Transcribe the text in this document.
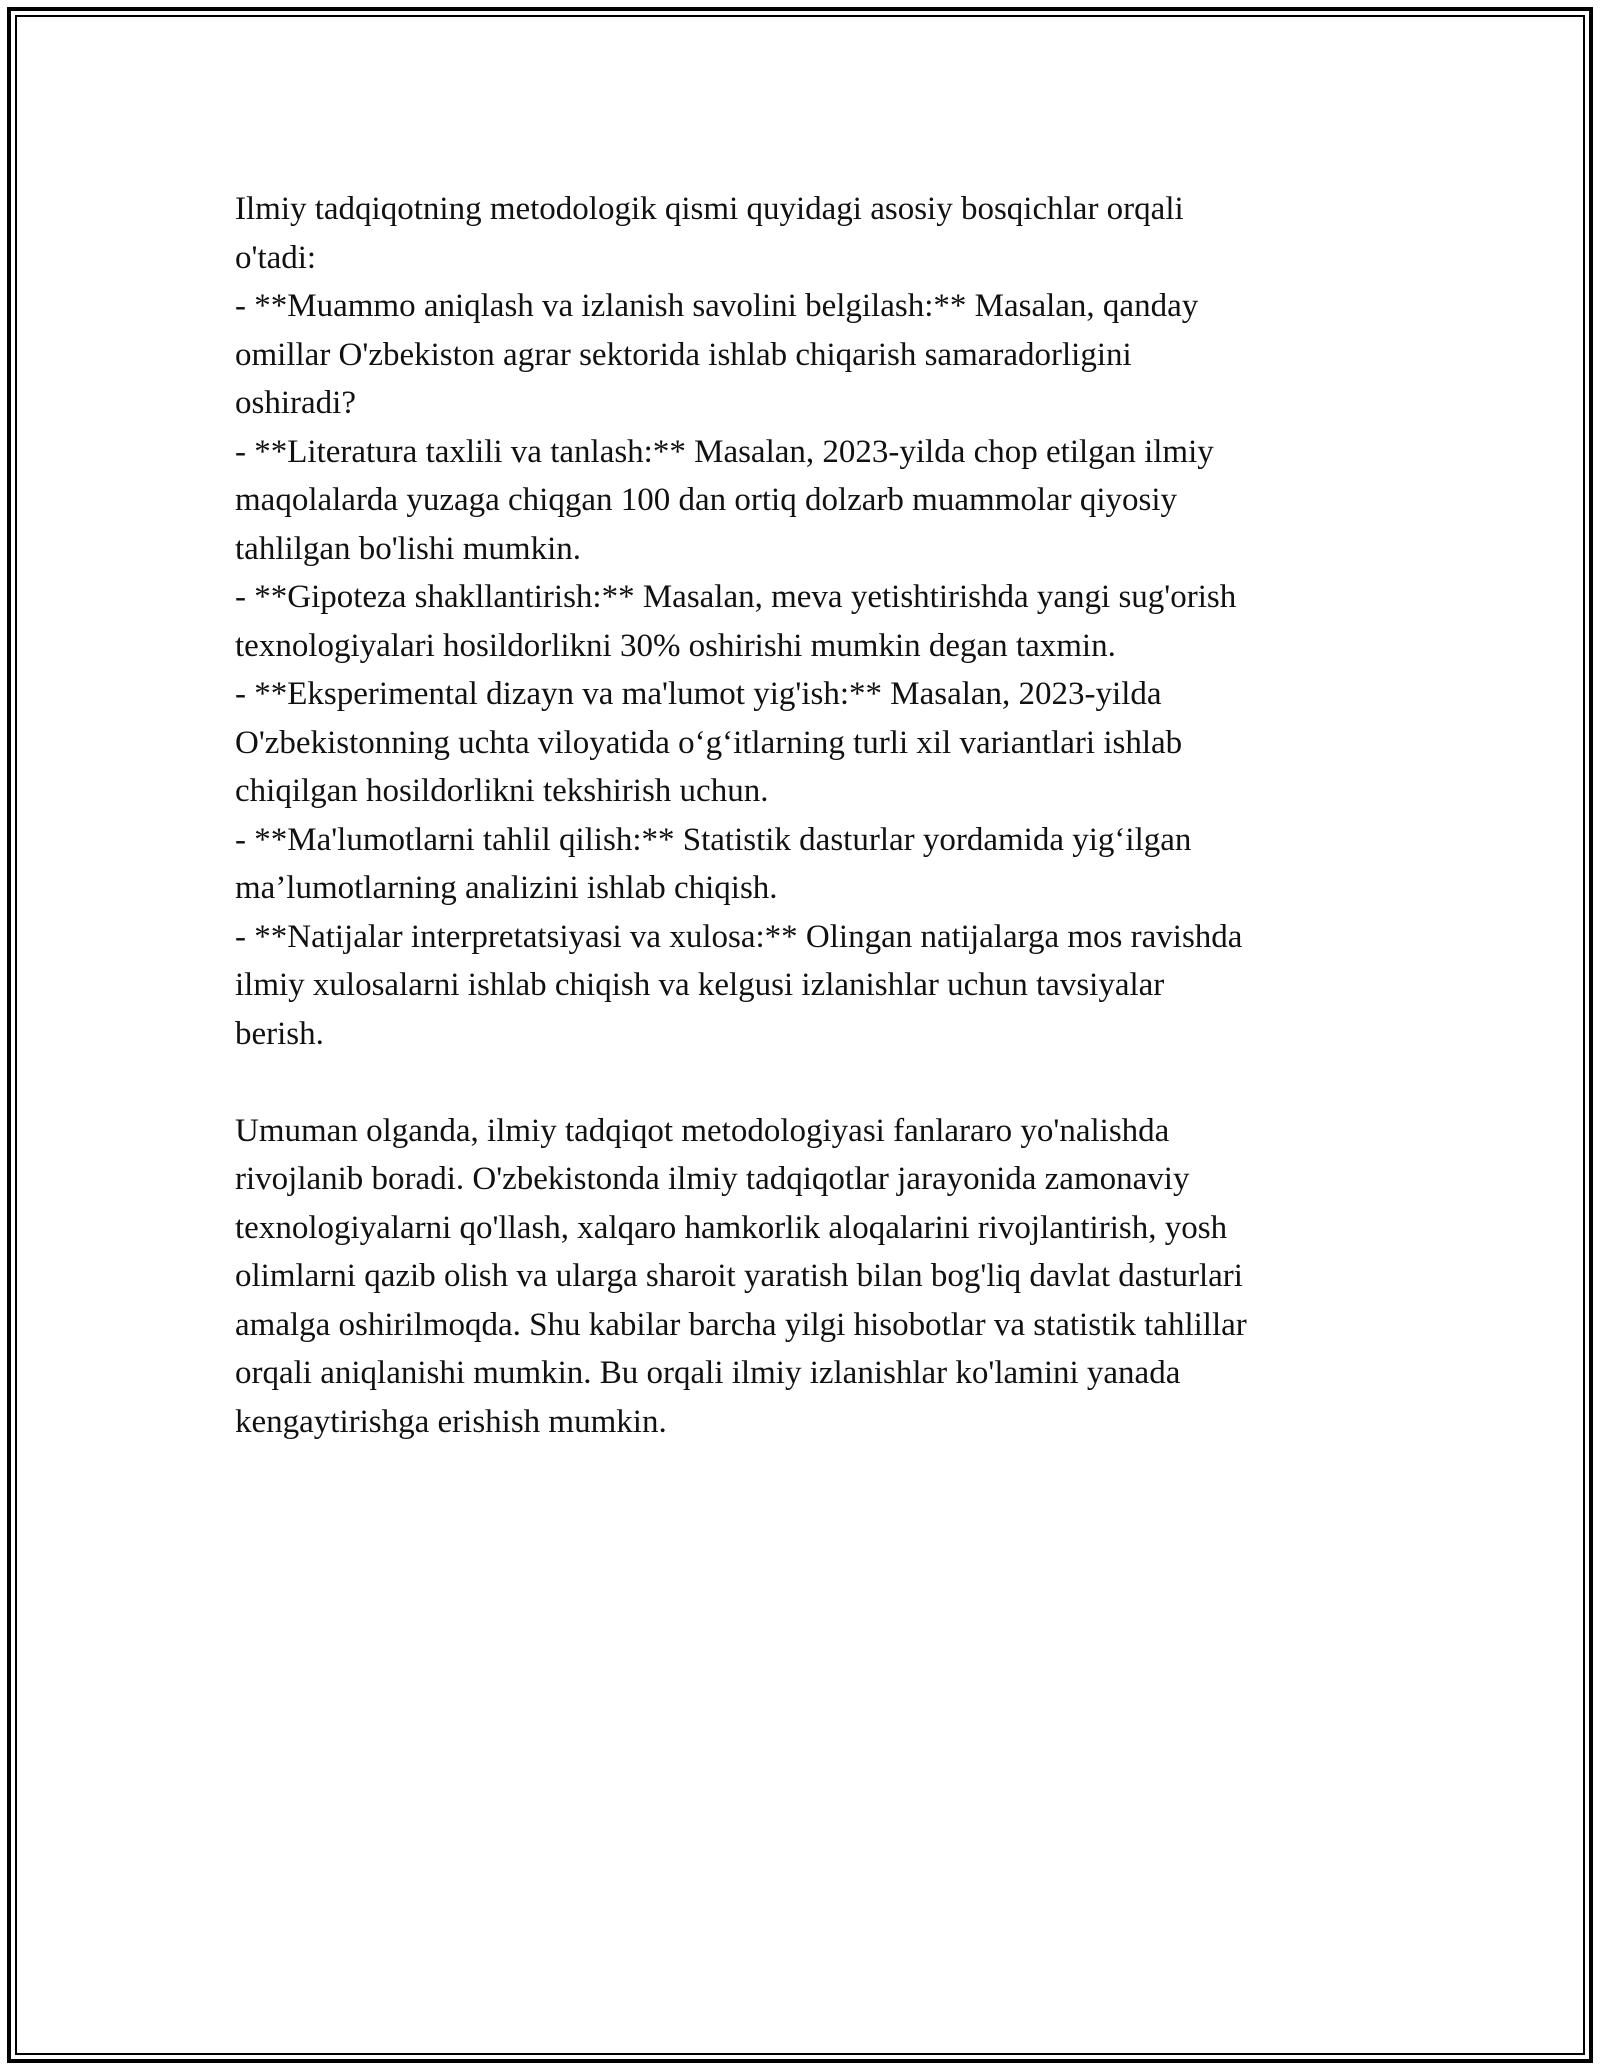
Ilmiy tadqiqotning metodologik qismi quyidagi asosiy bosqichlar orqali

o'tadi:

- **Muammo aniqlash va izlanish savolini belgilash:** Masalan, qanday

omillar O'zbekiston agrar sektorida ishlab chiqarish samaradorligini

oshiradi?

- **Literatura taxlili va tanlash:** Masalan, 2023-yilda chop etilgan ilmiy

maqolalarda yuzaga chiqgan 100 dan ortiq dolzarb muammolar qiyosiy

tahlilgan bo'lishi mumkin.

- **Gipoteza shakllantirish:** Masalan, meva yetishtirishda yangi sug'orish

texnologiyalari hosildorlikni 30% oshirishi mumkin degan taxmin.

- **Eksperimental dizayn va ma'lumot yig'ish:** Masalan, 2023-yilda

O'zbekistonning uchta viloyatida o‘g‘itlarning turli xil variantlari ishlab

chiqilgan hosildorlikni tekshirish uchun.

- **Ma'lumotlarni tahlil qilish:** Statistik dasturlar yordamida yig‘ilgan

ma’lumotlarning analizini ishlab chiqish.

- **Natijalar interpretatsiyasi va xulosa:** Olingan natijalarga mos ravishda

ilmiy xulosalarni ishlab chiqish va kelgusi izlanishlar uchun tavsiyalar

berish.

Umuman olganda, ilmiy tadqiqot metodologiyasi fanlararo yo'nalishda

rivojlanib boradi. O'zbekistonda ilmiy tadqiqotlar jarayonida zamonaviy

texnologiyalarni qo'llash, xalqaro hamkorlik aloqalarini rivojlantirish, yosh

olimlarni qazib olish va ularga sharoit yaratish bilan bog'liq davlat dasturlari

amalga oshirilmoqda. Shu kabilar barcha yilgi hisobotlar va statistik tahlillar

orqali aniqlanishi mumkin. Bu orqali ilmiy izlanishlar ko'lamini yanada

kengaytirishga erishish mumkin.
